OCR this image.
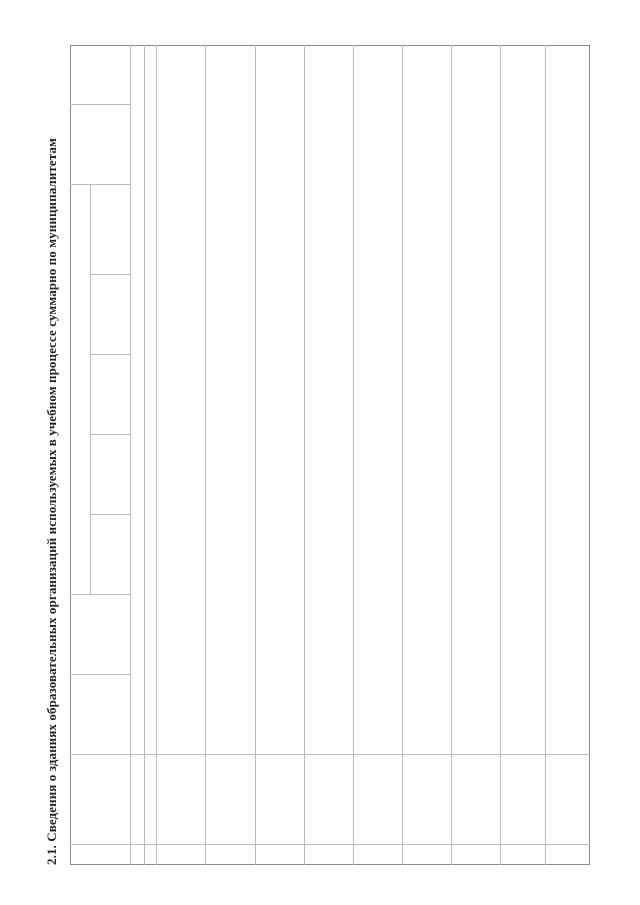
2.1. Сведения о зданиях образовательных организаций используемых в учебном процессе суммарно по муниципалитетам
